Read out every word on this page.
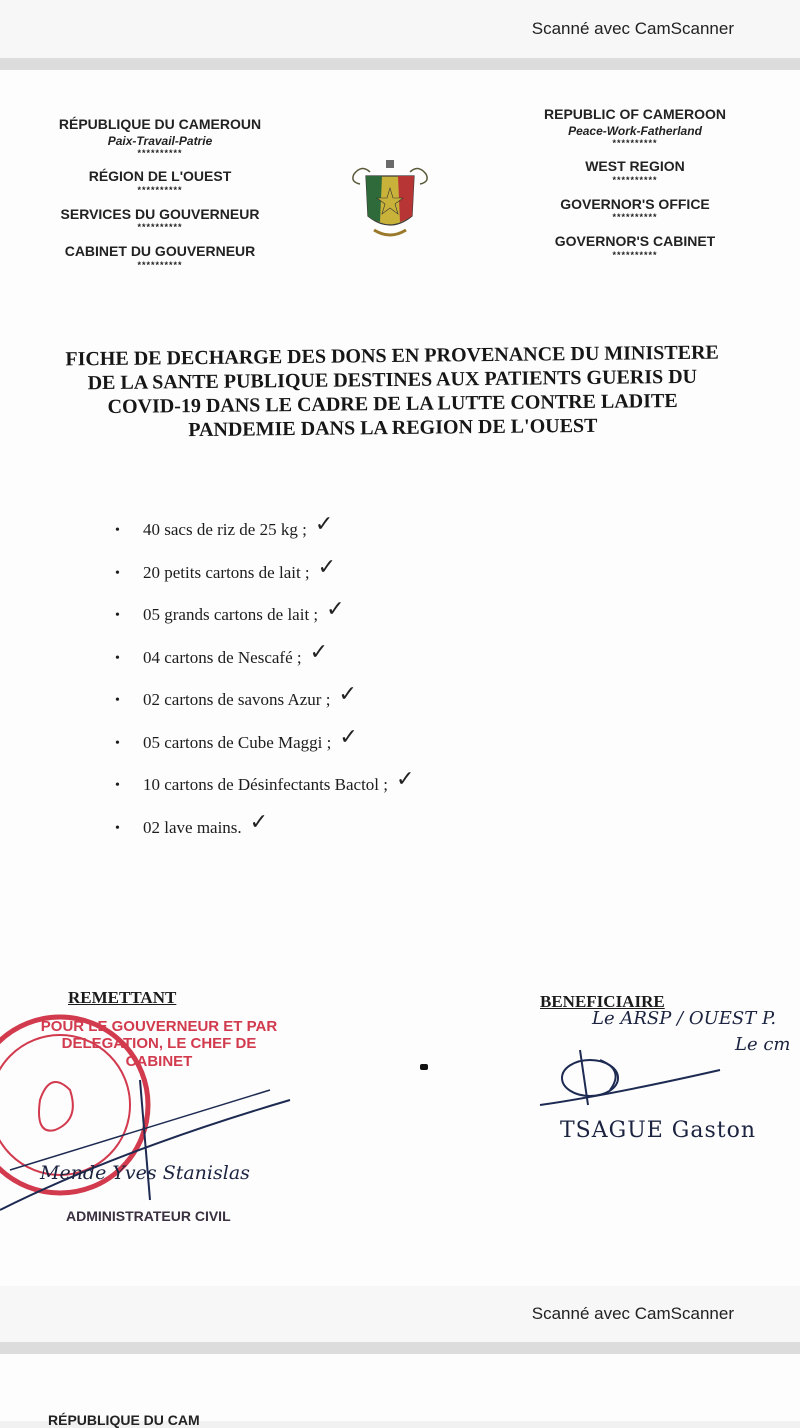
Scanné avec CamScanner
RÉPUBLIQUE DU CAMEROUN
Paix-Travail-Patrie
**********
RÉGION DE L'OUEST
**********
SERVICES DU GOUVERNEUR
**********
CABINET DU GOUVERNEUR
**********
REPUBLIC OF CAMEROON
Peace-Work-Fatherland
**********
WEST REGION
**********
GOVERNOR'S OFFICE
**********
GOVERNOR'S CABINET
**********
FICHE DE DECHARGE DES DONS EN PROVENANCE DU MINISTERE
DE LA SANTE PUBLIQUE DESTINES AUX PATIENTS GUERIS DU
COVID-19 DANS LE CADRE DE LA LUTTE CONTRE LADITE
PANDEMIE DANS LA REGION DE L'OUEST
•	40 sacs de riz de 25 kg ; ✓
•	20 petits cartons de lait ; ✓
•	05 grands cartons de lait ; ✓
•	04 cartons de Nescafé ; ✓
•	02 cartons de savons Azur ; ✓
•	05 cartons de Cube Maggi ; ✓
•	10 cartons de Désinfectants Bactol ; ✓
•	02 lave mains. ✓
REMETTANT	BENEFICIAIRE
POUR LE GOUVERNEUR ET PAR
DELEGATION, LE CHEF DE
CABINET
Mende Yves Stanislas
ADMINISTRATEUR CIVIL
Le ARSP / OUEST P.
Le cm
TSAGUE Gaston
Scanné avec CamScanner
RÉPUBLIQUE DU CAM
